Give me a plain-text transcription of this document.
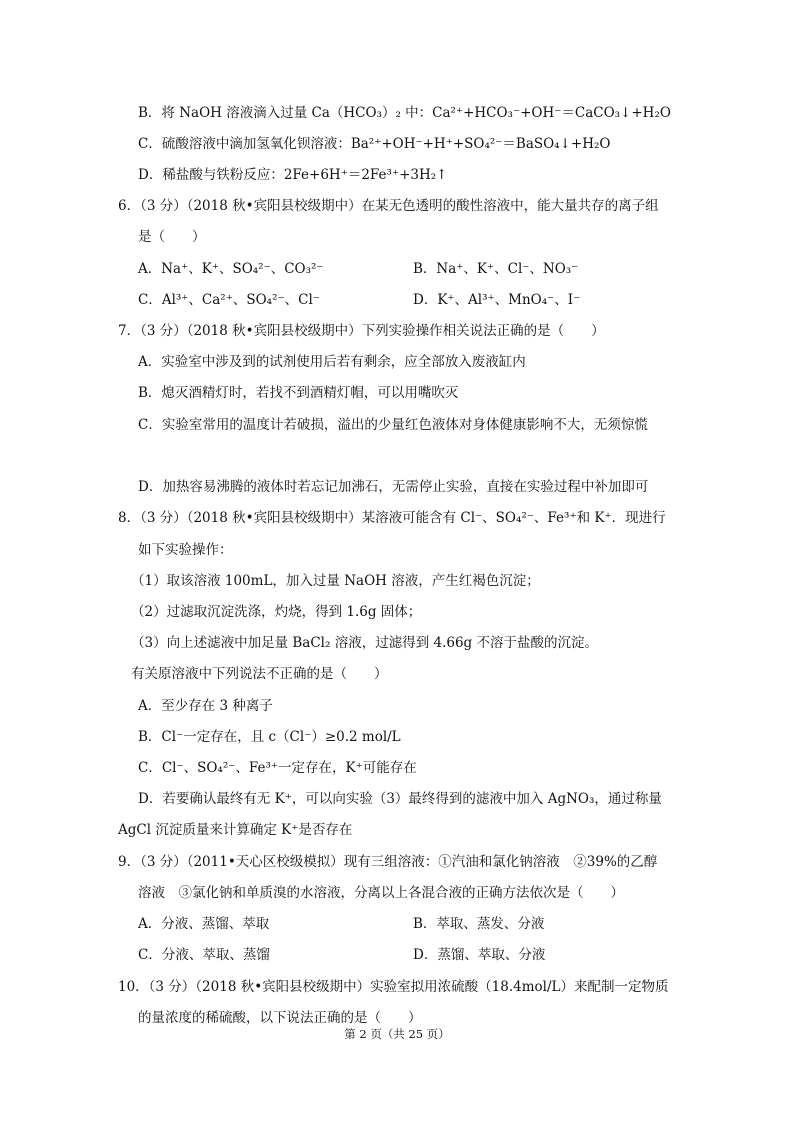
B．将 NaOH 溶液滴入过量 Ca（HCO₃）₂ 中：Ca²⁺+HCO₃⁻+OH⁻＝CaCO₃↓+H₂O
C．硫酸溶液中滴加氢氧化钡溶液：Ba²⁺+OH⁻+H⁺+SO₄²⁻＝BaSO₄↓+H₂O
D．稀盐酸与铁粉反应：2Fe+6H⁺＝2Fe³⁺+3H₂↑
6．（3 分）（2018 秋•宾阳县校级期中）在某无色透明的酸性溶液中，能大量共存的离子组
是（　　）
A．Na⁺、K⁺、SO₄²⁻、CO₃²⁻	B．Na⁺、K⁺、Cl⁻、NO₃⁻
C．Al³⁺、Ca²⁺、SO₄²⁻、Cl⁻	D．K⁺、Al³⁺、MnO₄⁻、I⁻
7．（3 分）（2018 秋•宾阳县校级期中）下列实验操作相关说法正确的是（　　）
A．实验室中涉及到的试剂使用后若有剩余，应全部放入废液缸内
B．熄灭酒精灯时，若找不到酒精灯帽，可以用嘴吹灭
C．实验室常用的温度计若破损，溢出的少量红色液体对身体健康影响不大，无须惊慌
D．加热容易沸腾的液体时若忘记加沸石，无需停止实验，直接在实验过程中补加即可
8．（3 分）（2018 秋•宾阳县校级期中）某溶液可能含有 Cl⁻、SO₄²⁻、Fe³⁺和 K⁺．现进行
如下实验操作：
（1）取该溶液 100mL，加入过量 NaOH 溶液，产生红褐色沉淀；
（2）过滤取沉淀洗涤，灼烧，得到 1.6g 固体；
（3）向上述滤液中加足量 BaCl₂ 溶液，过滤得到 4.66g 不溶于盐酸的沉淀。
有关原溶液中下列说法不正确的是（　　）
A．至少存在 3 种离子
B．Cl⁻一定存在，且 c（Cl⁻）≥0.2 mol/L
C．Cl⁻、SO₄²⁻、Fe³⁺一定存在，K⁺可能存在
D．若要确认最终有无 K⁺，可以向实验（3）最终得到的滤液中加入 AgNO₃，通过称量
AgCl 沉淀质量来计算确定 K⁺是否存在
9．（3 分）（2011•天心区校级模拟）现有三组溶液：①汽油和氯化钠溶液　②39%的乙醇
溶液　③氯化钠和单质溴的水溶液，分离以上各混合液的正确方法依次是（　　）
A．分液、蒸馏、萃取	B．萃取、蒸发、分液
C．分液、萃取、蒸馏	D．蒸馏、萃取、分液
10．（3 分）（2018 秋•宾阳县校级期中）实验室拟用浓硫酸（18.4mol/L）来配制一定物质
的量浓度的稀硫酸，以下说法正确的是（　　）
第 2 页（共 25 页）
